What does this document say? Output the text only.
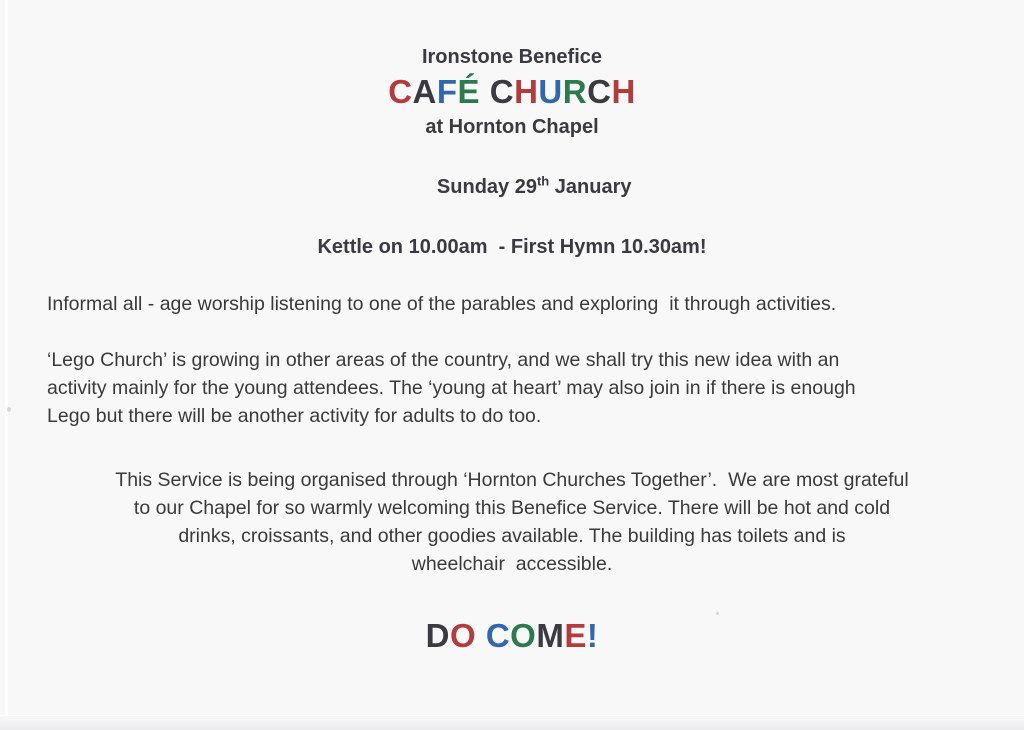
Ironstone Benefice
CAFÉ CHURCH
at Hornton Chapel

Sunday 29th January

Kettle on 10.00am  - First Hymn 10.30am!

Informal all - age worship listening to one of the parables and exploring  it through activities.

‘Lego Church’ is growing in other areas of the country, and we shall try this new idea with an
activity mainly for the young attendees. The ‘young at heart’ may also join in if there is enough
Lego but there will be another activity for adults to do too.
This Service is being organised through ‘Hornton Churches Together’.  We are most grateful
to our Chapel for so warmly welcoming this Benefice Service. There will be hot and cold
drinks, croissants, and other goodies available. The building has toilets and is
wheelchair  accessible.
DO COME!
